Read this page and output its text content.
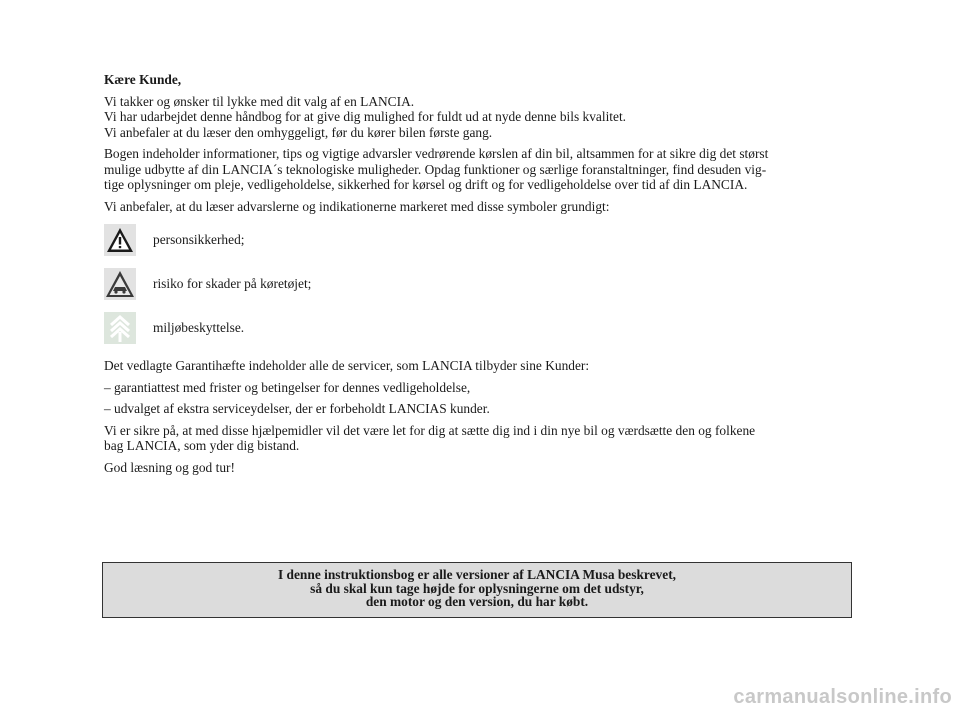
Kære Kunde,

Vi takker og ønsker til lykke med dit valg af en LANCIA.

Vi har udarbejdet denne håndbog for at give dig mulighed for fuldt ud at nyde denne bils kvalitet.

Vi anbefaler at du læser den omhyggeligt, før du kører bilen første gang.

Bogen indeholder informationer, tips og vigtige advarsler vedrørende kørslen af din bil, altsammen for at sikre dig det størst

mulige udbytte af din LANCIA´s teknologiske muligheder. Opdag funktioner og særlige foranstaltninger, find desuden vig-

tige oplysninger om pleje, vedligeholdelse, sikkerhed for kørsel og drift og for vedligeholdelse over tid af din LANCIA.

Vi anbefaler, at du læser advarslerne og indikationerne markeret med disse symboler grundigt:

personsikkerhed;
risiko for skader på køretøjet;
miljøbeskyttelse.

Det vedlagte Garantihæfte indeholder alle de servicer, som LANCIA tilbyder sine Kunder:

– garantiattest med frister og betingelser for dennes vedligeholdelse,

– udvalget af ekstra serviceydelser, der er forbeholdt LANCIAS kunder.

Vi er sikre på, at med disse hjælpemidler vil det være let for dig at sætte dig ind i din nye bil og værdsætte den og folkene

bag LANCIA, som yder dig bistand.

God læsning og god tur!

I denne instruktionsbog er alle versioner af LANCIA Musa beskrevet,

så du skal kun tage højde for oplysningerne om det udstyr,

den motor og den version, du har købt.

carmanualsonline.info
